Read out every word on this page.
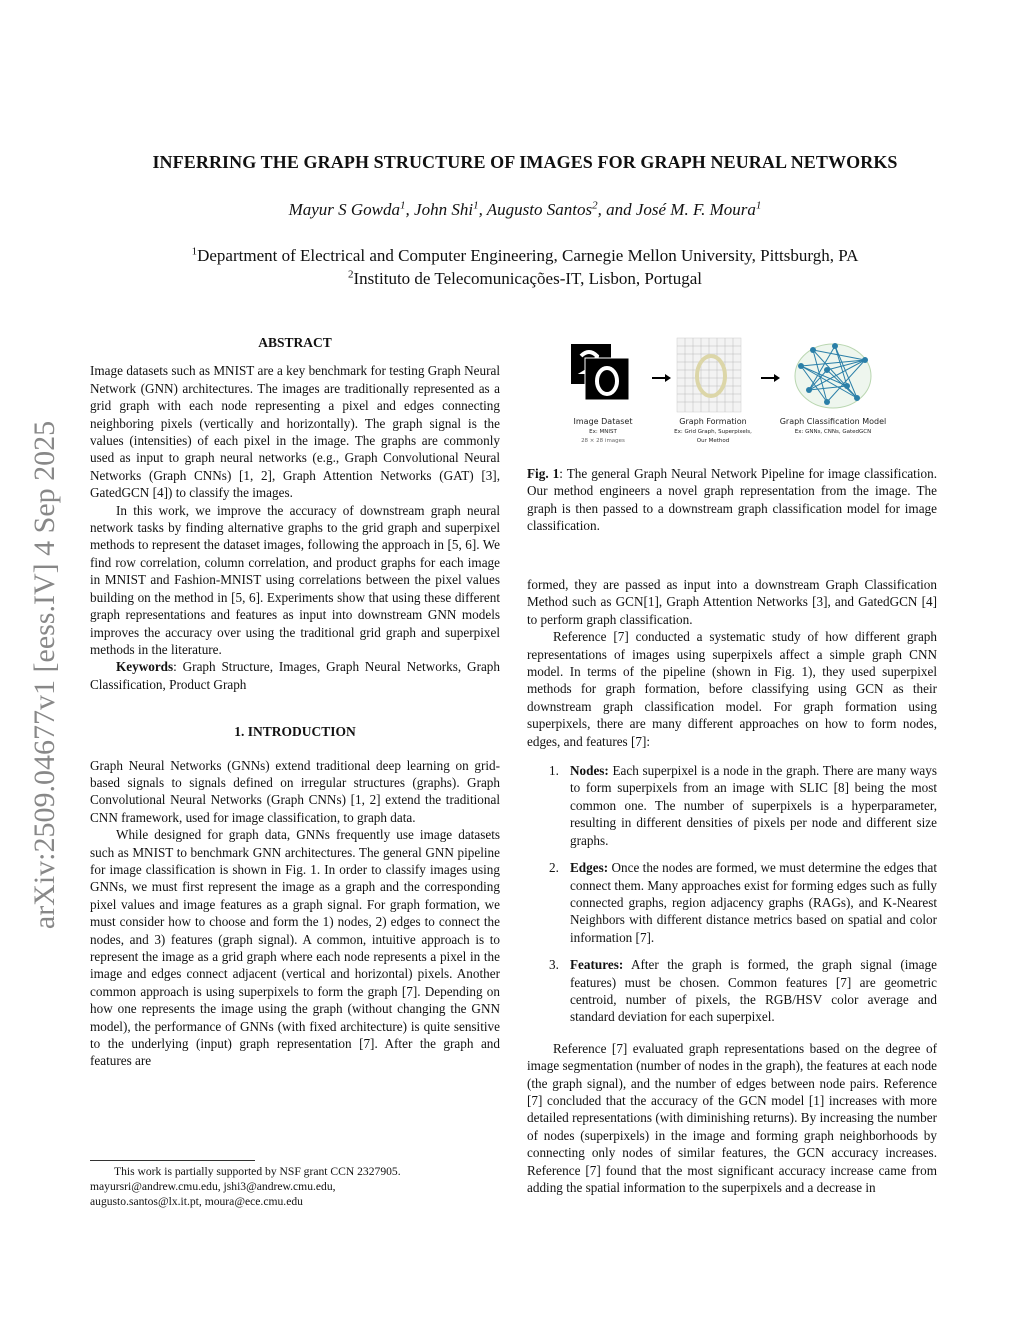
arXiv:2509.04677v1 [eess.IV] 4 Sep 2025
INFERRING THE GRAPH STRUCTURE OF IMAGES FOR GRAPH NEURAL NETWORKS
Mayur S Gowda$^1$, John Shi$^1$, Augusto Santos$^2$, and José M. F. Moura$^1$
$^1$Department of Electrical and Computer Engineering, Carnegie Mellon University, Pittsburgh, PA
$^2$Instituto de Telecomunicações-IT, Lisbon, Portugal

ABSTRACT

Image datasets such as MNIST are a key benchmark for testing Graph Neural Network (GNN) architectures. The images are traditionally represented as a grid graph with each node representing a pixel and edges connecting neighboring pixels (vertically and horizontally). The graph signal is the values (intensities) of each pixel in the image. The graphs are commonly used as input to graph neural networks (e.g., Graph Convolutional Neural Networks (Graph CNNs) [1, 2], Graph Attention Networks (GAT) [3], GatedGCN [4]) to classify the images.

In this work, we improve the accuracy of downstream graph neural network tasks by finding alternative graphs to the grid graph and superpixel methods to represent the dataset images, following the approach in [5, 6]. We find row correlation, column correlation, and product graphs for each image in MNIST and Fashion-MNIST using correlations between the pixel values building on the method in [5, 6]. Experiments show that using these different graph representations and features as input into downstream GNN models improves the accuracy over using the traditional grid graph and superpixel methods in the literature.

Keywords: Graph Structure, Images, Graph Neural Networks, Graph Classification, Product Graph

1. INTRODUCTION

Graph Neural Networks (GNNs) extend traditional deep learning on grid-based signals to signals defined on irregular structures (graphs). Graph Convolutional Neural Networks (Graph CNNs) [1, 2] extend the traditional CNN framework, used for image classification, to graph data.

While designed for graph data, GNNs frequently use image datasets such as MNIST to benchmark GNN architectures. The general GNN pipeline for image classification is shown in Fig. 1. In order to classify images using GNNs, we must first represent the image as a graph and the corresponding pixel values and image features as a graph signal. For graph formation, we must consider how to choose and form the 1) nodes, 2) edges to connect the nodes, and 3) features (graph signal). A common, intuitive approach is to represent the image as a grid graph where each node represents a pixel in the image and edges connect adjacent (vertical and horizontal) pixels. Another common approach is using superpixels to form the graph [7]. Depending on how one represents the image using the graph (without changing the GNN model), the performance of GNNs (with fixed architecture) is quite sensitive to the underlying (input) graph representation [7]. After the graph and features are

This work is partially supported by NSF grant CCN 2327905.
mayursri@andrew.cmu.edu, jshi3@andrew.cmu.edu,
augusto.santos@lx.it.pt, moura@ece.cmu.edu
Image Dataset
Ex: MNIST
28 × 28 images
Graph Formation
Ex: Grid Graph, Superpixels,
Our Method
Graph Classification Model
Ex: GNNs, CNNs, GatedGCN
Fig. 1: The general Graph Neural Network Pipeline for image classification. Our method engineers a novel graph representation from the image. The graph is then passed to a downstream graph classification model for image classification.

formed, they are passed as input into a downstream Graph Classification Method such as GCN[1], Graph Attention Networks [3], and GatedGCN [4] to perform graph classification.

Reference [7] conducted a systematic study of how different graph representations of images using superpixels affect a simple graph CNN model. In terms of the pipeline (shown in Fig. 1), they used superpixel methods for graph formation, before classifying using GCN as their downstream graph classification model. For graph formation using superpixels, there are many different approaches on how to form nodes, edges, and features [7]:

1. Nodes: Each superpixel is a node in the graph. There are many ways to form superpixels from an image with SLIC [8] being the most common one. The number of superpixels is a hyperparameter, resulting in different densities of pixels per node and different size graphs.
2. Edges: Once the nodes are formed, we must determine the edges that connect them. Many approaches exist for forming edges such as fully connected graphs, region adjacency graphs (RAGs), and K-Nearest Neighbors with different distance metrics based on spatial and color information [7].
3. Features: After the graph is formed, the graph signal (image features) must be chosen. Common features [7] are geometric centroid, number of pixels, the RGB/HSV color average and standard deviation for each superpixel.

Reference [7] evaluated graph representations based on the degree of image segmentation (number of nodes in the graph), the features at each node (the graph signal), and the number of edges between node pairs. Reference [7] concluded that the accuracy of the GCN model [1] increases with more detailed representations (with diminishing returns). By increasing the number of nodes (superpixels) in the image and forming graph neighborhoods by connecting only nodes of similar features, the GCN accuracy increases. Reference [7] found that the most significant accuracy increase came from adding the spatial information to the superpixels and a decrease in
